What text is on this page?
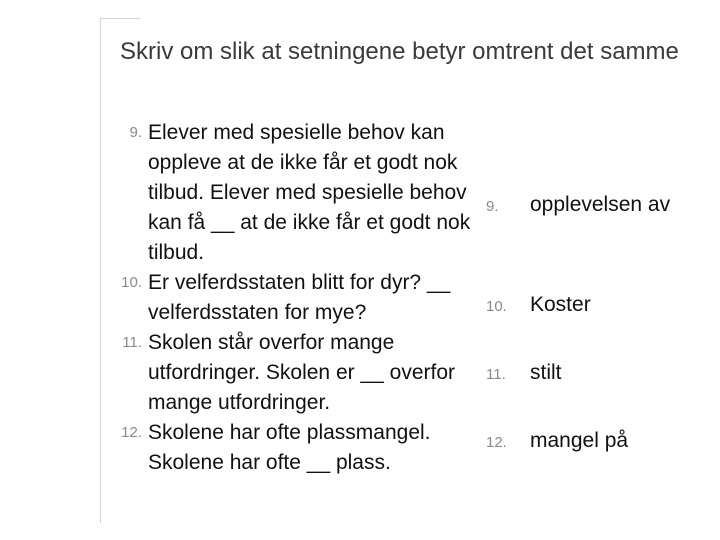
Skriv om slik at setningene betyr omtrent det samme
9. Elever med spesielle behov kan oppleve at de ikke får et godt nok tilbud. Elever med spesielle behov kan få __ at de ikke får et godt nok tilbud.
10. Er velferdsstaten blitt for dyr? __ velferdsstaten for mye?
11. Skolen står overfor mange utfordringer. Skolen er __ overfor mange utfordringer.
12. Skolene har ofte plassmangel. Skolene har ofte __ plass.
9. opplevelsen av
10. Koster
11. stilt
12. mangel på
